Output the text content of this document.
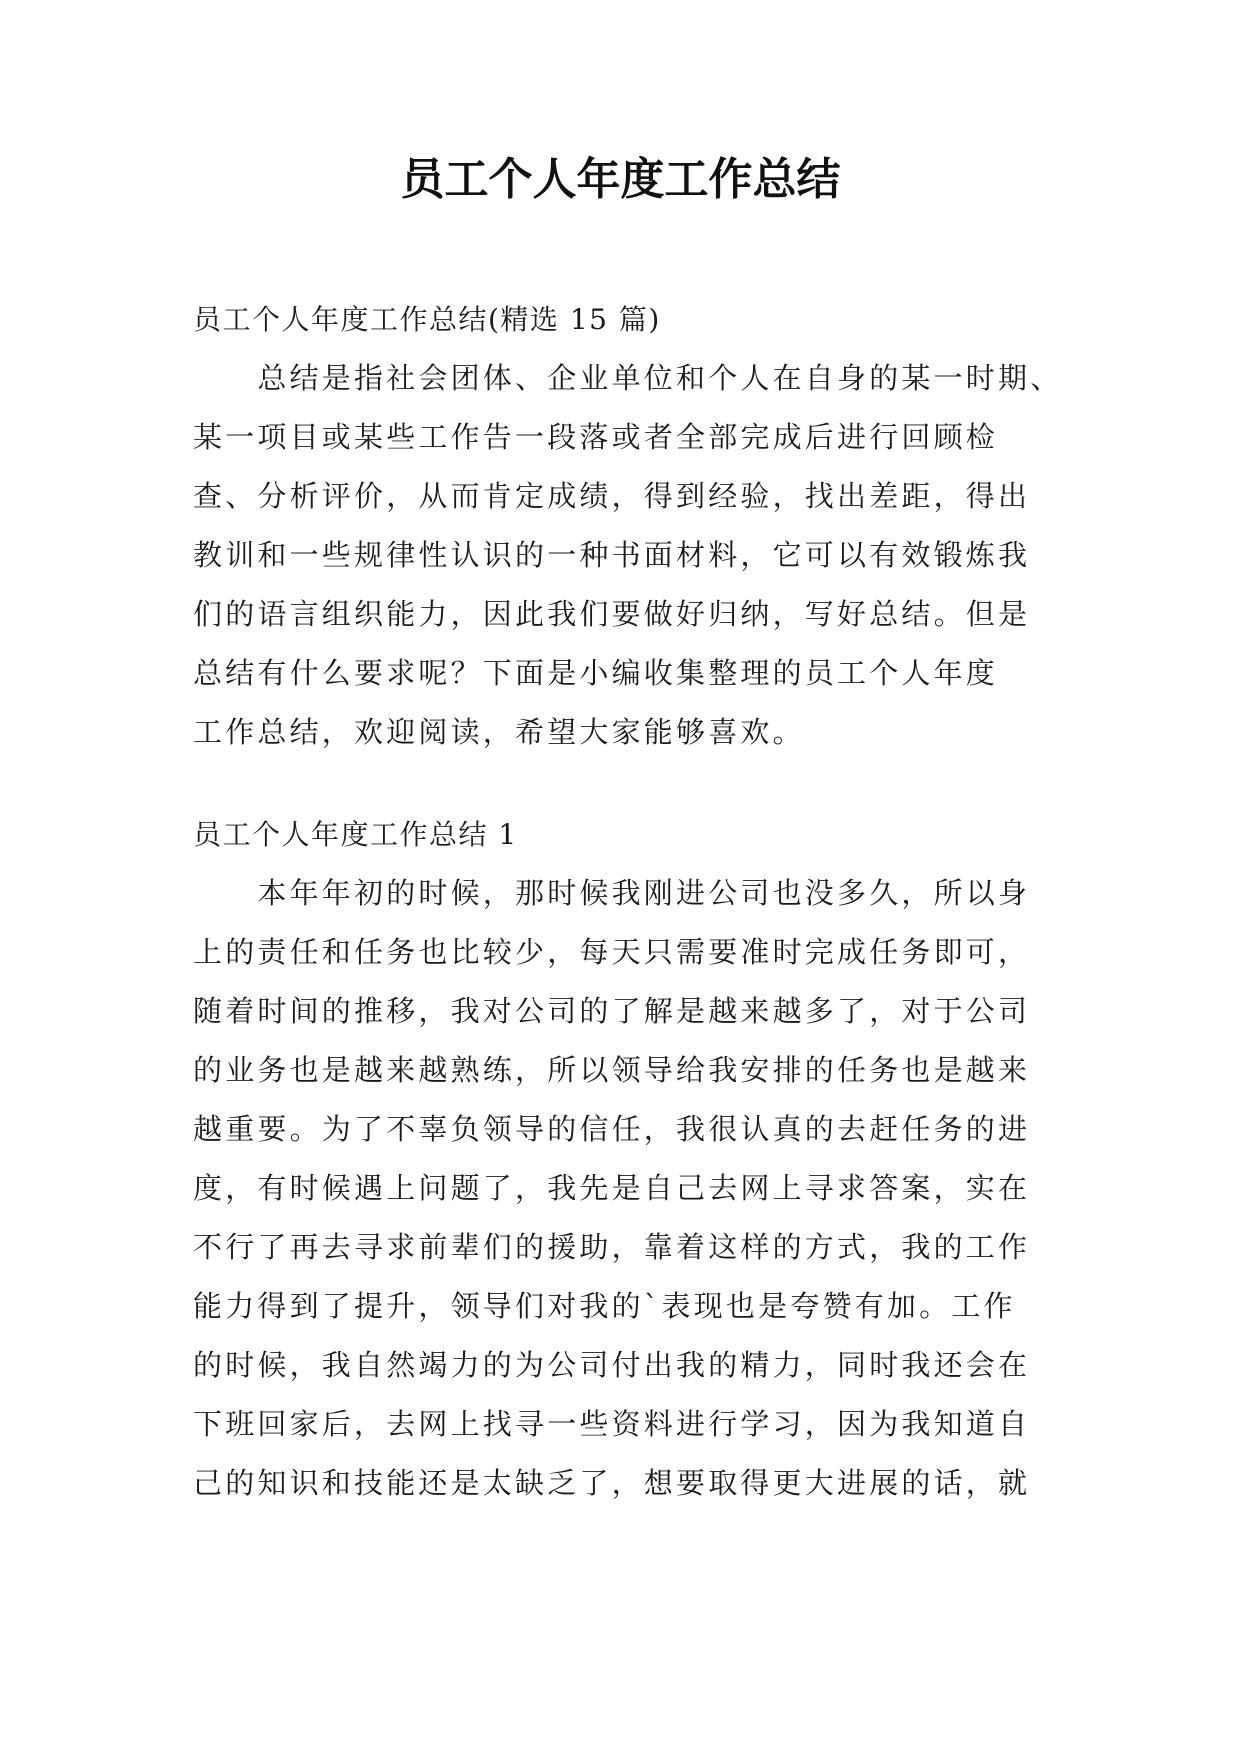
员工个人年度工作总结

员工个人年度工作总结(精选 15 篇)

　　总结是指社会团体、企业单位和个人在自身的某一时期、

某一项目或某些工作告一段落或者全部完成后进行回顾检

查、分析评价，从而肯定成绩，得到经验，找出差距，得出

教训和一些规律性认识的一种书面材料，它可以有效锻炼我

们的语言组织能力，因此我们要做好归纳，写好总结。但是

总结有什么要求呢？下面是小编收集整理的员工个人年度

工作总结，欢迎阅读，希望大家能够喜欢。

员工个人年度工作总结 1

　　本年年初的时候，那时候我刚进公司也没多久，所以身

上的责任和任务也比较少，每天只需要准时完成任务即可，

随着时间的推移，我对公司的了解是越来越多了，对于公司

的业务也是越来越熟练，所以领导给我安排的任务也是越来

越重要。为了不辜负领导的信任，我很认真的去赶任务的进

度，有时候遇上问题了，我先是自己去网上寻求答案，实在

不行了再去寻求前辈们的援助，靠着这样的方式，我的工作

能力得到了提升，领导们对我的`表现也是夸赞有加。工作

的时候，我自然竭力的为公司付出我的精力，同时我还会在

下班回家后，去网上找寻一些资料进行学习，因为我知道自

己的知识和技能还是太缺乏了，想要取得更大进展的话，就
